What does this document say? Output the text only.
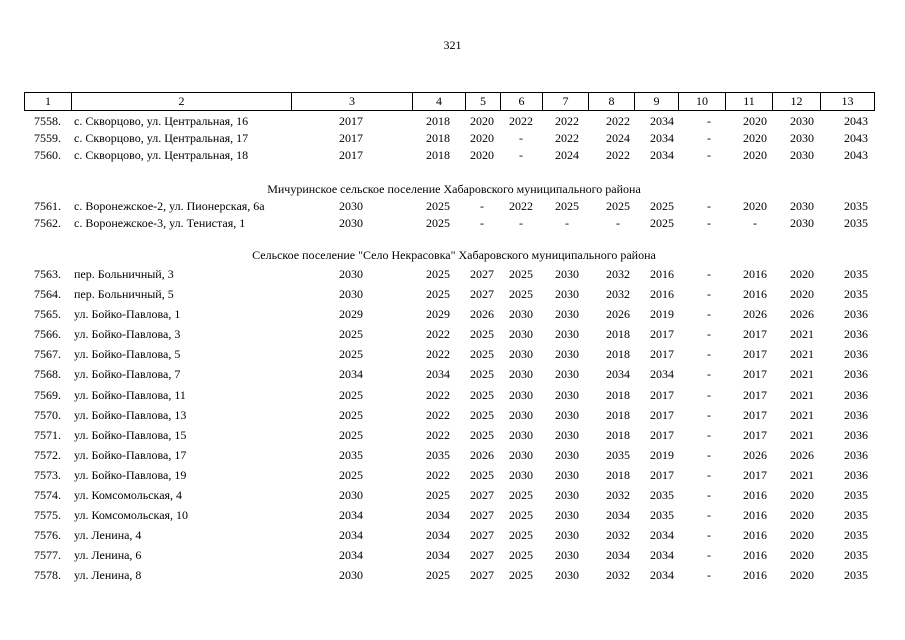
321
1	2	3	4	5	6	7	8	9	10	11	12	13
7558. с. Скворцово, ул. Центральная, 16	2017	2018	2020	2022	2022	2022	2034	-	2020	2030	2043
7559. с. Скворцово, ул. Центральная, 17	2017	2018	2020	-	2022	2024	2034	-	2020	2030	2043
7560. с. Скворцово, ул. Центральная, 18	2017	2018	2020	-	2024	2022	2034	-	2020	2030	2043
Мичуринское сельское поселение Хабаровского муниципального района
7561. с. Воронежское-2, ул. Пионерская, 6а	2030	2025	-	2022	2025	2025	2025	-	2020	2030	2035
7562. с. Воронежское-3, ул. Тенистая, 1	2030	2025	-	-	-	-	2025	-	-	2030	2035
Сельское поселение "Село Некрасовка" Хабаровского муниципального района
7563. пер. Больничный, 3	2030	2025	2027	2025	2030	2032	2016	-	2016	2020	2035
7564. пер. Больничный, 5	2030	2025	2027	2025	2030	2032	2016	-	2016	2020	2035
7565. ул. Бойко-Павлова, 1	2029	2029	2026	2030	2030	2026	2019	-	2026	2026	2036
7566. ул. Бойко-Павлова, 3	2025	2022	2025	2030	2030	2018	2017	-	2017	2021	2036
7567. ул. Бойко-Павлова, 5	2025	2022	2025	2030	2030	2018	2017	-	2017	2021	2036
7568. ул. Бойко-Павлова, 7	2034	2034	2025	2030	2030	2034	2034	-	2017	2021	2036
7569. ул. Бойко-Павлова, 11	2025	2022	2025	2030	2030	2018	2017	-	2017	2021	2036
7570. ул. Бойко-Павлова, 13	2025	2022	2025	2030	2030	2018	2017	-	2017	2021	2036
7571. ул. Бойко-Павлова, 15	2025	2022	2025	2030	2030	2018	2017	-	2017	2021	2036
7572. ул. Бойко-Павлова, 17	2035	2035	2026	2030	2030	2035	2019	-	2026	2026	2036
7573. ул. Бойко-Павлова, 19	2025	2022	2025	2030	2030	2018	2017	-	2017	2021	2036
7574. ул. Комсомольская, 4	2030	2025	2027	2025	2030	2032	2035	-	2016	2020	2035
7575. ул. Комсомольская, 10	2034	2034	2027	2025	2030	2034	2035	-	2016	2020	2035
7576. ул. Ленина, 4	2034	2034	2027	2025	2030	2032	2034	-	2016	2020	2035
7577. ул. Ленина, 6	2034	2034	2027	2025	2030	2034	2034	-	2016	2020	2035
7578. ул. Ленина, 8	2030	2025	2027	2025	2030	2032	2034	-	2016	2020	2035
